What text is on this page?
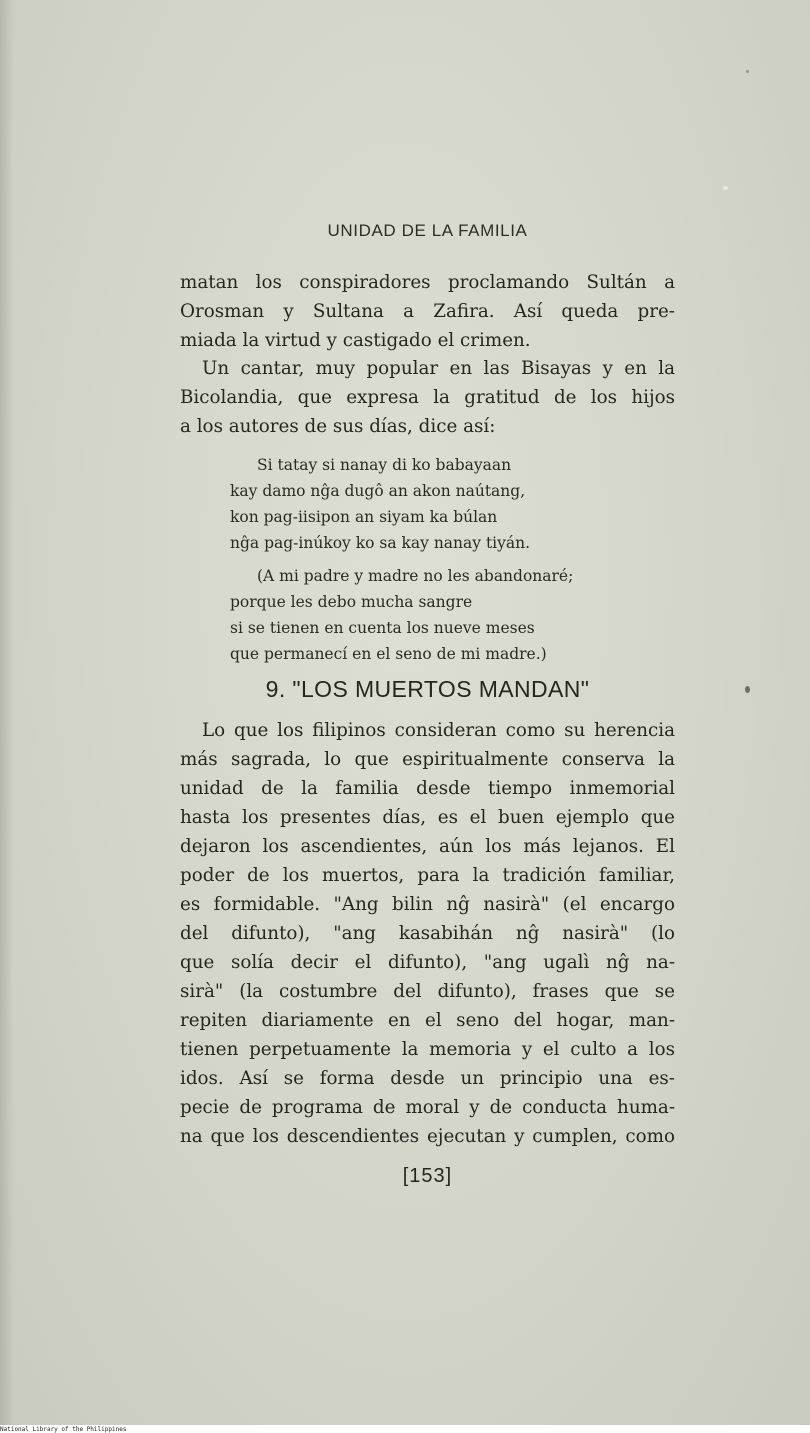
UNIDAD DE LA FAMILIA
matan los conspiradores proclamando Sultán a
Orosman y Sultana a Zafira. Así queda pre-
miada la virtud y castigado el crimen.
Un cantar, muy popular en las Bisayas y en la
Bicolandia, que expresa la gratitud de los hijos
a los autores de sus días, dice así:
Si tatay si nanay di ko babayaan
kay damo nĝa dugô an akon naútang,
kon pag-iisipon an siyam ka búlan
nĝa pag-inúkoy ko sa kay nanay tiyán.
(A mi padre y madre no les abandonaré;
porque les debo mucha sangre
si se tienen en cuenta los nueve meses
que permanecí en el seno de mi madre.)
9. "LOS MUERTOS MANDAN"
Lo que los filipinos consideran como su herencia
más sagrada, lo que espiritualmente conserva la
unidad de la familia desde tiempo inmemorial
hasta los presentes días, es el buen ejemplo que
dejaron los ascendientes, aún los más lejanos. El
poder de los muertos, para la tradición familiar,
es formidable. "Ang bilin nĝ nasirà" (el encargo
del difunto), "ang kasabihán nĝ nasirà" (lo
que solía decir el difunto), "ang ugalì nĝ na-
sirà" (la costumbre del difunto), frases que se
repiten diariamente en el seno del hogar, man-
tienen perpetuamente la memoria y el culto a los
idos. Así se forma desde un principio una es-
pecie de programa de moral y de conducta huma-
na que los descendientes ejecutan y cumplen, como
[153]
National Library of the Philippines
